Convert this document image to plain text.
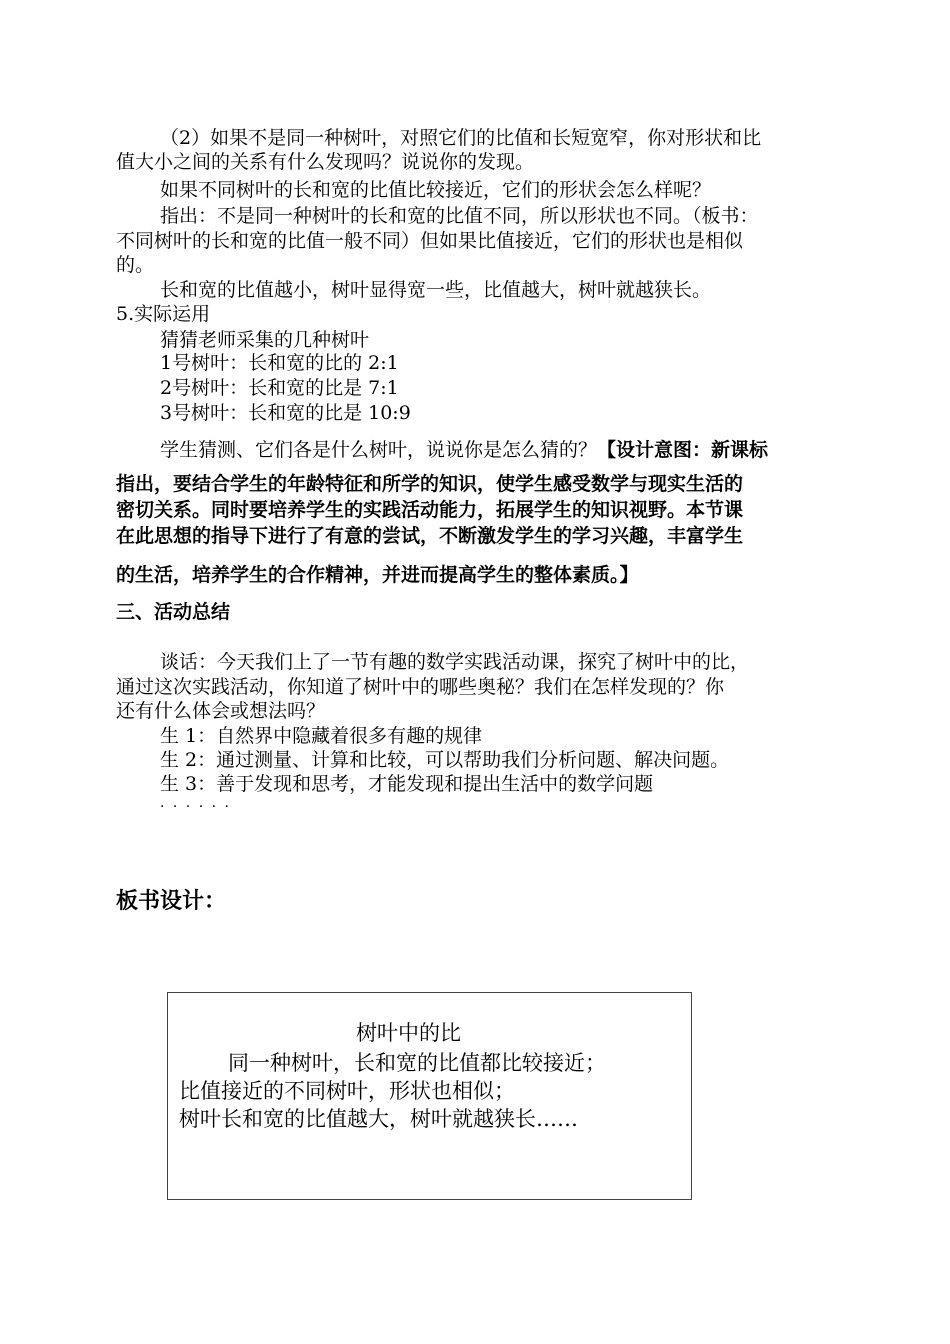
（2）如果不是同一种树叶，对照它们的比值和长短宽窄，你对形状和比
值大小之间的关系有什么发现吗？说说你的发现。
如果不同树叶的长和宽的比值比较接近，它们的形状会怎么样呢？
指出：不是同一种树叶的长和宽的比值不同，所以形状也不同。（板书：
不同树叶的长和宽的比值一般不同）但如果比值接近，它们的形状也是相似
的。
长和宽的比值越小，树叶显得宽一些，比值越大，树叶就越狭长。
5.实际运用
猜猜老师采集的几种树叶
1号树叶：长和宽的比的 2:1
2号树叶：长和宽的比是 7:1
3号树叶：长和宽的比是 10:9
学生猜测、它们各是什么树叶，说说你是怎么猜的？【设计意图：新课标
指出，要结合学生的年龄特征和所学的知识，使学生感受数学与现实生活的
密切关系。同时要培养学生的实践活动能力，拓展学生的知识视野。本节课
在此思想的指导下进行了有意的尝试，不断激发学生的学习兴趣，丰富学生
的生活，培养学生的合作精神，并进而提高学生的整体素质。】
三、活动总结
谈话：今天我们上了一节有趣的数学实践活动课，探究了树叶中的比，
通过这次实践活动，你知道了树叶中的哪些奥秘？我们在怎样发现的？你
还有什么体会或想法吗？
生 1：自然界中隐藏着很多有趣的规律
生 2：通过测量、计算和比较，可以帮助我们分析问题、解决问题。
生 3：善于发现和思考，才能发现和提出生活中的数学问题
· · · · · ·
板书设计：
树叶中的比
同一种树叶，长和宽的比值都比较接近；
比值接近的不同树叶，形状也相似；
树叶长和宽的比值越大，树叶就越狭长……
